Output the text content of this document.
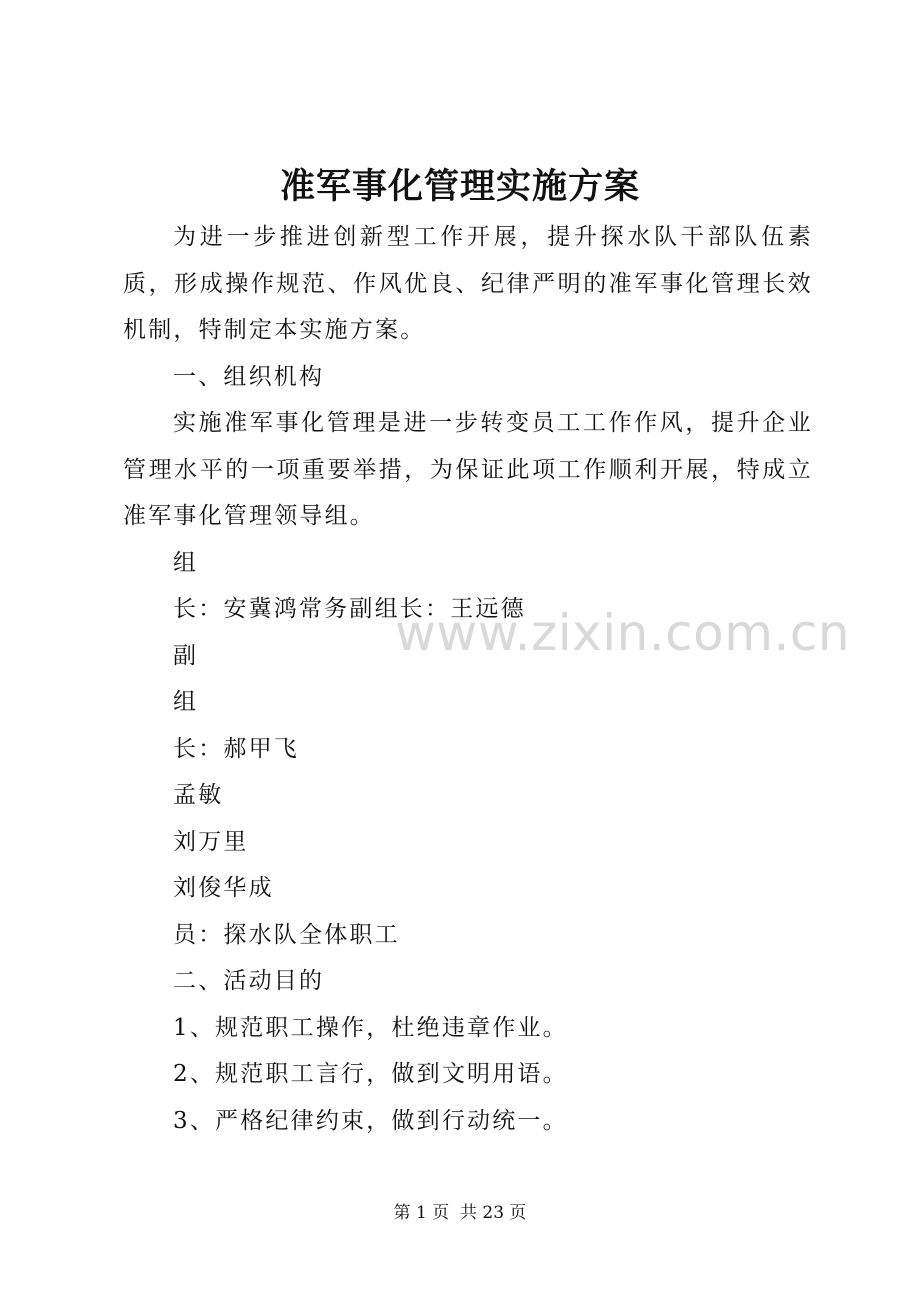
准军事化管理实施方案

为进一步推进创新型工作开展，提升探水队干部队伍素质，形成操作规范、作风优良、纪律严明的准军事化管理长效机制，特制定本实施方案。

一、组织机构

实施准军事化管理是进一步转变员工工作作风，提升企业管理水平的一项重要举措，为保证此项工作顺利开展，特成立准军事化管理领导组。

组

长：安冀鸿常务副组长：王远德

副

组

长：郝甲飞

孟敏

刘万里

刘俊华成

员：探水队全体职工

二、活动目的

1、规范职工操作，杜绝违章作业。

2、规范职工言行，做到文明用语。

3、严格纪律约束，做到行动统一。

www.zixin.com.cn
第 1 页 共 23 页
